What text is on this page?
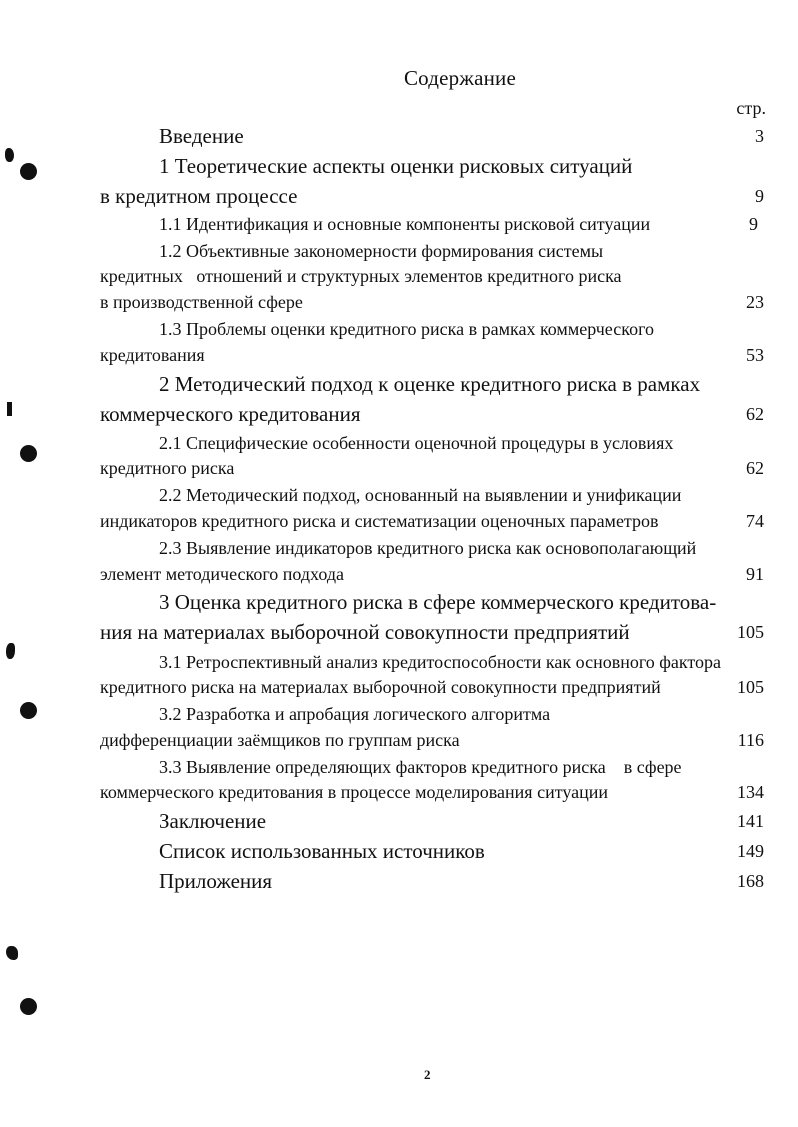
Содержание
стр.
Введение	3
1 Теоретические аспекты оценки рисковых ситуаций
в кредитном процессе	9
1.1 Идентификация и основные компоненты рисковой ситуации	9
1.2 Объективные закономерности формирования системы
кредитных   отношений и структурных элементов кредитного риска
в производственной сфере	23
1.3 Проблемы оценки кредитного риска в рамках коммерческого
кредитования	53
2 Методический подход к оценке кредитного риска в рамках
коммерческого кредитования	62
2.1 Специфические особенности оценочной процедуры в условиях
кредитного риска	62
2.2 Методический подход, основанный на выявлении и унификации
индикаторов кредитного риска и систематизации оценочных параметров	74
2.3 Выявление индикаторов кредитного риска как основополагающий
элемент методического подхода	91
3 Оценка кредитного риска в сфере коммерческого кредитова-
ния на материалах выборочной совокупности предприятий	105
3.1 Ретроспективный анализ кредитоспособности как основного фактора
кредитного риска на материалах выборочной совокупности предприятий	105
3.2 Разработка и апробация логического алгоритма
дифференциации заёмщиков по группам риска	116
3.3 Выявление определяющих факторов кредитного риска    в сфере
коммерческого кредитования в процессе моделирования ситуации	134
Заключение	141
Список использованных источников	149
Приложения	168
2
